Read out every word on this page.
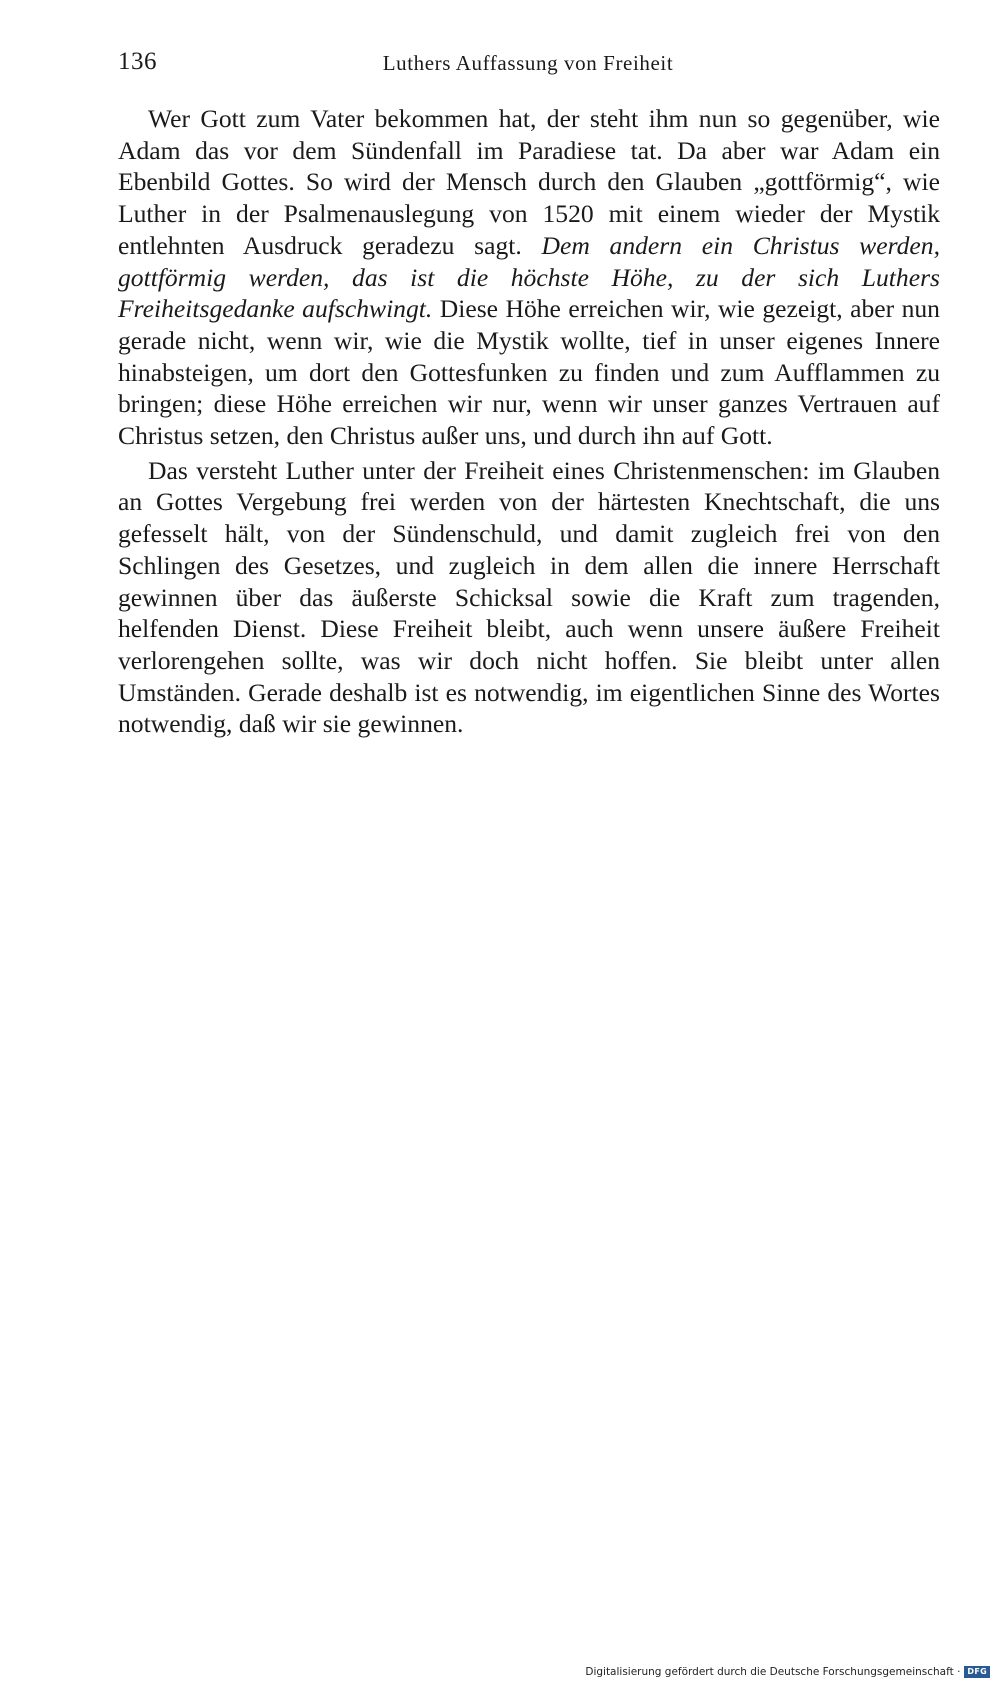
136	Luthers Auffassung von Freiheit

Wer Gott zum Vater bekommen hat, der steht ihm nun so gegenüber, wie Adam das vor dem Sündenfall im Paradiese tat. Da aber war Adam ein Ebenbild Gottes. So wird der Mensch durch den Glauben „gottförmig“, wie Luther in der Psalmenauslegung von 1520 mit einem wieder der Mystik entlehnten Ausdruck geradezu sagt. Dem andern ein Christus werden, gottförmig werden, das ist die höchste Höhe, zu der sich Luthers Freiheitsgedanke aufschwingt. Diese Höhe erreichen wir, wie gezeigt, aber nun gerade nicht, wenn wir, wie die Mystik wollte, tief in unser eigenes Innere hinabsteigen, um dort den Gottesfunken zu finden und zum Aufflammen zu bringen; diese Höhe erreichen wir nur, wenn wir unser ganzes Vertrauen auf Christus setzen, den Christus außer uns, und durch ihn auf Gott.

Das versteht Luther unter der Freiheit eines Christenmenschen: im Glauben an Gottes Vergebung frei werden von der härtesten Knechtschaft, die uns gefesselt hält, von der Sündenschuld, und damit zugleich frei von den Schlingen des Gesetzes, und zugleich in dem allen die innere Herrschaft gewinnen über das äußerste Schicksal sowie die Kraft zum tragenden, helfenden Dienst. Diese Freiheit bleibt, auch wenn unsere äußere Freiheit verlorengehen sollte, was wir doch nicht hoffen. Sie bleibt unter allen Umständen. Gerade deshalb ist es notwendig, im eigentlichen Sinne des Wortes notwendig, daß wir sie gewinnen.

Digitalisierung gefördert durch die Deutsche Forschungsgemeinschaft · DFG
